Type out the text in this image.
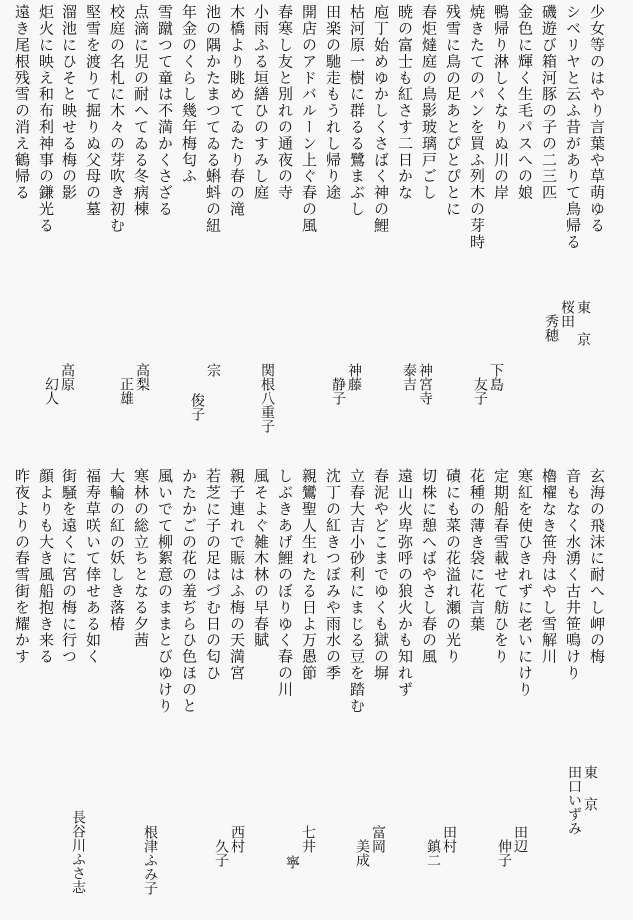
少女等のはやり言葉や草萌ゆる
シベリヤと云ふ昔がありて鳥帰る
磯遊び箱河豚の子の二三匹
金色に輝く生毛パスへの娘
鴨帰り淋しくなりぬ川の岸
焼きたてのパンを買ふ列木の芽時
残雪に鳥の足あとぴとぴとに
春炬燵庭の鳥影玻璃戸ごし
暁の富士も紅さす二日かな
庖丁始めゆかしくさばく神の鯉
枯河原一樹に群るる鷺まぶし
田楽の馳走もうれし帰り途
開店のアドバルーン上ぐ春の風
春寒し友と別れの通夜の寺
小雨ふる垣繕ひのすみし庭
木橋より眺めてゐたり春の滝
池の隅かたまつてゐる蝌蚪の紐
年金のくらし幾年梅匂ふ
雪蹴つて童は不満かくさざる
点滴に児の耐へてゐる冬病棟
校庭の名札に木々の芽吹き初む
堅雪を渡りて掘りぬ父母の墓
溜池にひそと映せる梅の影
炬火に映え和布利神事の鎌光る
遠き尾根残雪の消え鶴帰る
東京
桜田
秀穂
下島
友子
神宮寺
泰吉
神藤
静子
関根八重子
宗
俊子
高梨
正雄
高原
幻人
玄海の飛沫に耐へし岬の梅
音もなく水湧く古井笹鳴けり
櫓櫂なき笹舟はやし雪解川
寒紅を使ひきれずに老いにけり
定期船春雪載せて舫ひをり
花種の薄き袋に花言葉
磧にも菜の花溢れ瀬の光り
切株に憩へばやさし春の風
遠山火卑弥呼の狼火かも知れず
春泥やどこまでゆくも獄の塀
立春大吉小砂利にまじる豆を踏む
沈丁の紅きつぼみや雨水の季
親鸞聖人生れたる日よ万愚節
しぶきあげ鯉のぼりゆく春の川
風そよぐ雑木林の早春賦
親子連れで賑はふ梅の天満宮
若芝に子の足はづむ日の匂ひ
かたかごの花の羞ぢらひ色ほのと
風いでて柳絮意のままとびゆけり
寒林の総立ちとなる夕茜
大輪の紅の妖しき落椿
福寿草咲いて倖せある如く
街騒を遠くに宮の梅に行つ
顔よりも大き風船抱き来る
昨夜よりの春雪街を耀かす
東京
田口いずみ
田辺
伸子
田村
鎮二
富岡
美成
七井
寧
西村
久子
根津ふみ子
長谷川ふさ志
